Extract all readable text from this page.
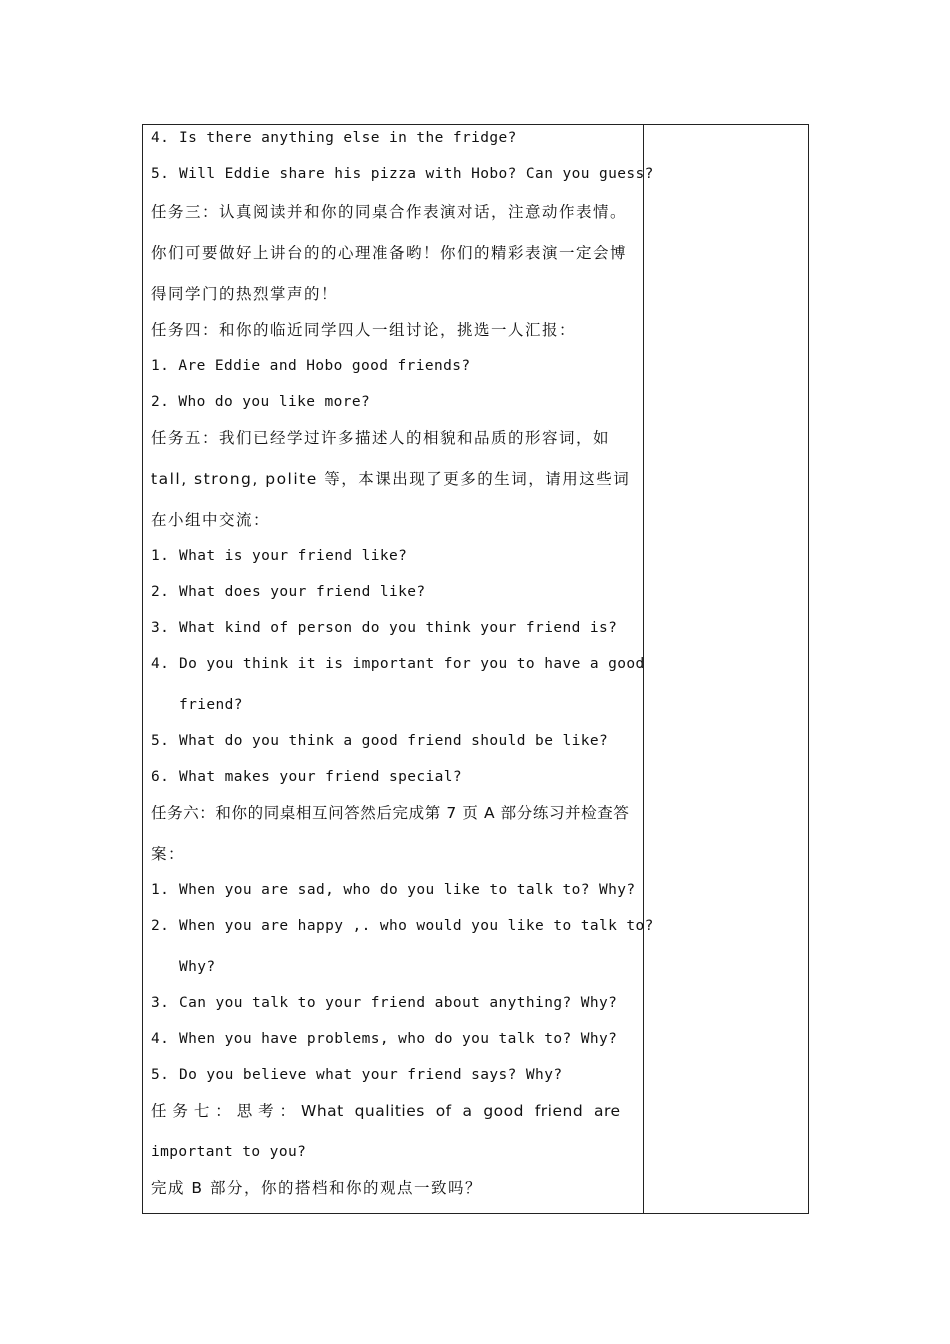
4. Is there anything else in the fridge?
5. Will Eddie share his pizza with Hobo? Can you guess?
任务三：认真阅读并和你的同桌合作表演对话，注意动作表情。
你们可要做好上讲台的的心理准备哟！你们的精彩表演一定会博
得同学门的热烈掌声的！
任务四：和你的临近同学四人一组讨论，挑选一人汇报：
1. Are Eddie and Hobo good friends?
2. Who do you like more?
任务五：我们已经学过许多描述人的相貌和品质的形容词，如
tall, strong, polite 等，本课出现了更多的生词，请用这些词
在小组中交流：
1. What is your friend like?
2. What does your friend like?
3. What kind of person do you think your friend is?
4. Do you think it is important for you to have a good
friend?
5. What do you think a good friend should be like?
6. What makes your friend special?
任务六：和你的同桌相互问答然后完成第 7 页 A 部分练习并检查答
案：
1. When you are sad, who do you like to talk to? Why?
2. When you are happy ,. who would you like to talk to?
Why?
3. Can you talk to your friend about anything? Why?
4. When you have problems, who do you talk to? Why?
5. Do you believe what your friend says? Why?
任 务 七 ： 思 考 ： What  qualities  of  a  good  friend  are
important to you?
完成 B 部分，你的搭档和你的观点一致吗？
